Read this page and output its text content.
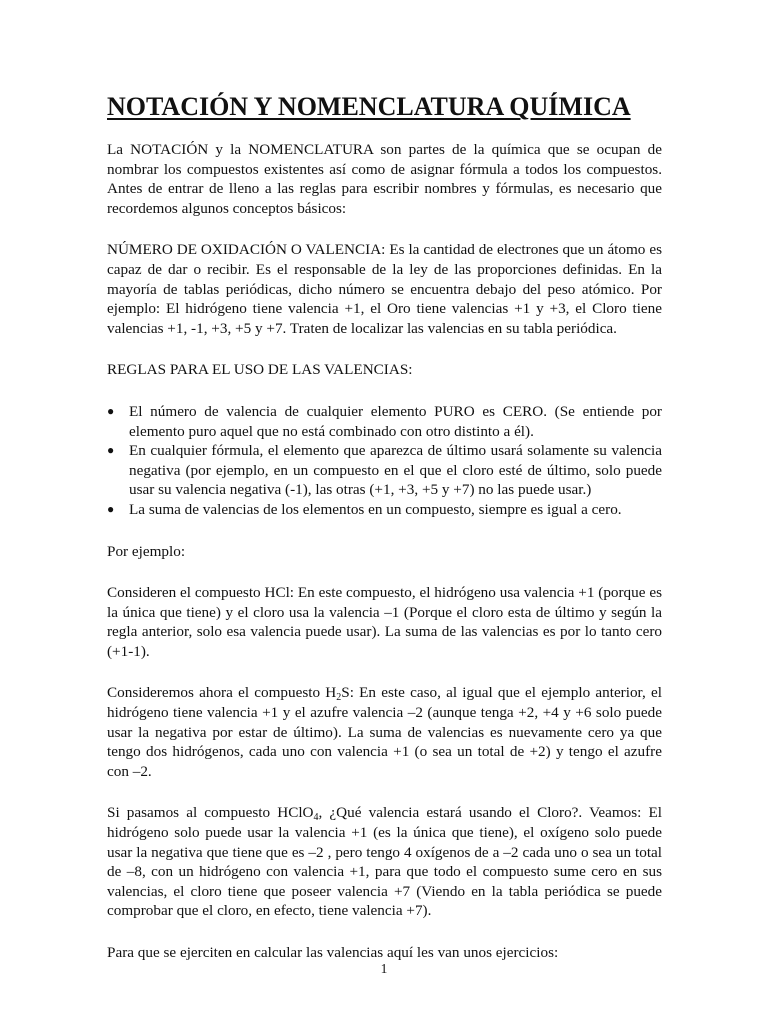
NOTACIÓN Y NOMENCLATURA QUÍMICA

La NOTACIÓN y la NOMENCLATURA son partes de la química que se ocupan de nombrar los compuestos existentes así como de asignar fórmula a todos los compuestos. Antes de entrar de lleno a las reglas para escribir nombres y fórmulas, es necesario que recordemos algunos conceptos básicos:

NÚMERO DE OXIDACIÓN O VALENCIA: Es la cantidad de electrones que un átomo es capaz de dar o recibir. Es el responsable de la ley de las proporciones definidas. En la mayoría de tablas periódicas, dicho número se encuentra debajo del peso atómico. Por ejemplo: El hidrógeno tiene valencia +1, el Oro tiene valencias +1 y +3, el Cloro tiene valencias +1, -1, +3, +5 y +7. Traten de localizar las valencias en su tabla periódica.

REGLAS PARA EL USO DE LAS VALENCIAS:

● El número de valencia de cualquier elemento PURO es CERO. (Se entiende por elemento puro aquel que no está combinado con otro distinto a él).
● En cualquier fórmula, el elemento que aparezca de último usará solamente su valencia negativa (por ejemplo, en un compuesto en el que el cloro esté de último, solo puede usar su valencia negativa (-1), las otras (+1, +3, +5 y +7) no las puede usar.)
● La suma de valencias de los elementos en un compuesto, siempre es igual a cero.

Por ejemplo:

Consideren el compuesto HCl: En este compuesto, el hidrógeno usa valencia +1 (porque es la única que tiene) y el cloro usa la valencia –1 (Porque el cloro esta de último y según la regla anterior, solo esa valencia puede usar). La suma de las valencias es por lo tanto cero (+1-1).

Consideremos ahora el compuesto $H_2S$: En este caso, al igual que el ejemplo anterior, el hidrógeno tiene valencia +1 y el azufre valencia –2 (aunque tenga +2, +4 y +6 solo puede usar la negativa por estar de último). La suma de valencias es nuevamente cero ya que tengo dos hidrógenos, cada uno con valencia +1 (o sea un total de +2) y tengo el azufre con –2.

Si pasamos al compuesto HClO$_4$, ¿Qué valencia estará usando el Cloro?. Veamos: El hidrógeno solo puede usar la valencia +1 (es la única que tiene), el oxígeno solo puede usar la negativa que tiene que es –2 , pero tengo 4 oxígenos de a –2 cada uno o sea un total de –8, con un hidrógeno con valencia +1, para que todo el compuesto sume cero en sus valencias, el cloro tiene que poseer valencia +7 (Viendo en la tabla periódica se puede comprobar que el cloro, en efecto, tiene valencia +7).

Para que se ejerciten en calcular las valencias aquí les van unos ejercicios:

1
